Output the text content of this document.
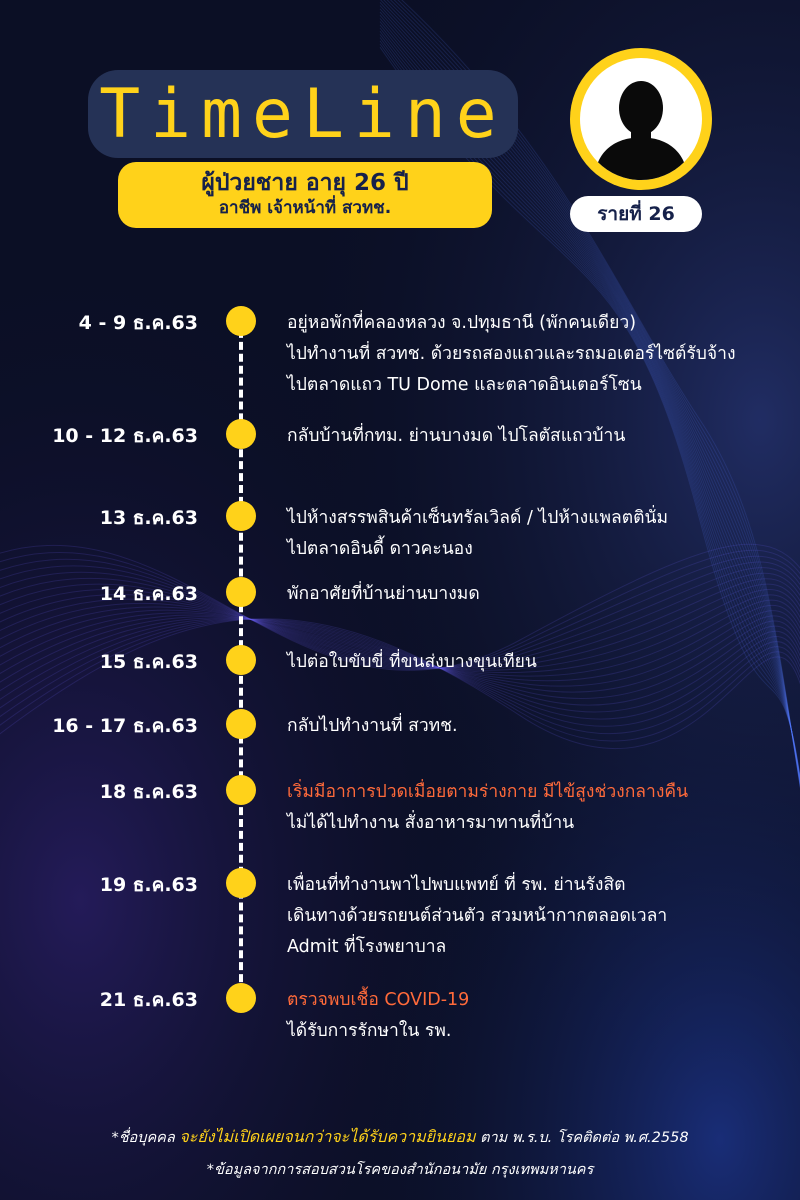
TimeLine
ผู้ป่วยชาย อายุ 26 ปี
อาชีพ เจ้าหน้าที่ สวทช.	รายที่ 26
4 - 9 ธ.ค.63	อยู่หอพักที่คลองหลวง จ.ปทุมธานี (พักคนเดียว)
ไปทำงานที่ สวทช. ด้วยรถสองแถวและรถมอเตอร์ไซต์รับจ้าง
ไปตลาดแถว TU Dome และตลาดอินเตอร์โซน
10 - 12 ธ.ค.63	กลับบ้านที่กทม. ย่านบางมด ไปโลตัสแถวบ้าน
13 ธ.ค.63	ไปห้างสรรพสินค้าเซ็นทรัลเวิลด์ / ไปห้างแพลตตินั่ม
ไปตลาดอินดี้ ดาวคะนอง
14 ธ.ค.63	พักอาศัยที่บ้านย่านบางมด
15 ธ.ค.63	ไปต่อใบขับขี่ ที่ขนส่งบางขุนเทียน
16 - 17 ธ.ค.63	กลับไปทำงานที่ สวทช.
18 ธ.ค.63	เริ่มมีอาการปวดเมื่อยตามร่างกาย มีไข้สูงช่วงกลางคืน
ไม่ได้ไปทำงาน สั่งอาหารมาทานที่บ้าน
19 ธ.ค.63	เพื่อนที่ทำงานพาไปพบแพทย์ ที่ รพ. ย่านรังสิต
เดินทางด้วยรถยนต์ส่วนตัว สวมหน้ากากตลอดเวลา
Admit ที่โรงพยาบาล
21 ธ.ค.63	ตรวจพบเชื้อ COVID-19
ได้รับการรักษาใน รพ.
*ชื่อบุคคล จะยังไม่เปิดเผยจนกว่าจะได้รับความยินยอม ตาม พ.ร.บ. โรคติดต่อ พ.ศ.2558
*ข้อมูลจากการสอบสวนโรคของสำนักอนามัย กรุงเทพมหานคร
